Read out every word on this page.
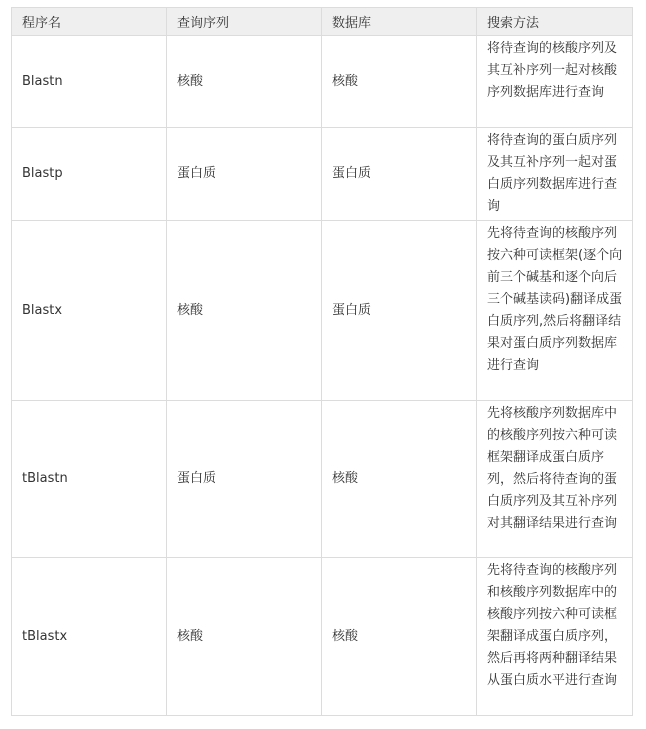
程序名	查询序列	数据库	搜索方法
Blastn	核酸	核酸	将待查询的核酸序列及其互补序列一起对核酸序列数据库进行查询
Blastp	蛋白质	蛋白质	将待查询的蛋白质序列及其互补序列一起对蛋白质序列数据库进行查询
Blastx	核酸	蛋白质	先将待查询的核酸序列按六种可读框架(逐个向前三个碱基和逐个向后三个碱基读码)翻译成蛋白质序列,然后将翻译结果对蛋白质序列数据库进行查询
tBlastn	蛋白质	核酸	先将核酸序列数据库中的核酸序列按六种可读框架翻译成蛋白质序列，然后将待查询的蛋白质序列及其互补序列对其翻译结果进行查询
tBlastx	核酸	核酸	先将待查询的核酸序列和核酸序列数据库中的核酸序列按六种可读框架翻译成蛋白质序列，然后再将两种翻译结果从蛋白质水平进行查询
